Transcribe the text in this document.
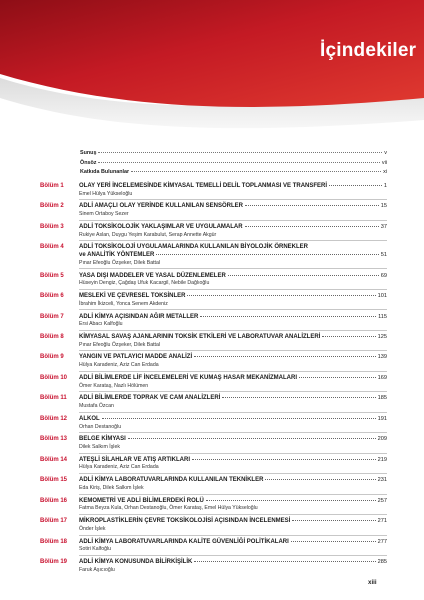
İçindekiler
Sunuş	v
Önsöz	vii
Katkıda Bulunanlar	xi
Bölüm 1	OLAY YERİ İNCELEMESİNDE KİMYASAL TEMELLİ DELİL TOPLANMASI VE TRANSFERİ	1
Emel Hülya Yükseloğlu
Bölüm 2	ADLİ AMAÇLI OLAY YERİNDE KULLANILAN SENSÖRLER	15
Sinem Ortaboy Sezer
Bölüm 3	ADLİ TOKSİKOLOJİK YAKLAŞIMLAR VE UYGULAMALAR	37
Rukiye Aslan, Duygu Yeşim Karabulut, Serap Annette Akgür
Bölüm 4	ADLİ TOKSİKOLOJİ UYGULAMALARINDA KULLANILAN BİYOLOJİK ÖRNEKLER
ve ANALİTİK YÖNTEMLER	51
Pınar Efeoğlu Özşeker, Dilek Battal
Bölüm 5	YASA DIŞI MADDELER VE YASAL DÜZENLEMELER	69
Hüseyin Dengiz, Çağdaş Ufuk Kacargil, Nebile Dağlıoğlu
Bölüm 6	MESLEKİ VE ÇEVRESEL TOKSİNLER	101
İbrahim İkizceli, Yonca Senem Akdeniz
Bölüm 7	ADLİ KİMYA AÇISINDAN AĞIR METALLER	115
Ersi Abacı Kalfoğlu
Bölüm 8	KİMYASAL SAVAŞ AJANLARININ TOKSİK ETKİLERİ VE LABORATUVAR ANALİZLERİ	125
Pınar Efeoğlu Özşeker, Dilek Battal
Bölüm 9	YANGIN VE PATLAYICI MADDE ANALİZİ	139
Hülya Karadeniz, Aziz Can Erdada
Bölüm 10	ADLİ BİLİMLERDE LİF İNCELEMELERİ VE KUMAŞ HASAR MEKANİZMALARI	169
Ömer Karataş, Nazlı Hölümen
Bölüm 11	ADLİ BİLİMLERDE TOPRAK VE CAM ANALİZLERİ	185
Mustafa Özcan
Bölüm 12	ALKOL	191
Orhan Destanoğlu
Bölüm 13	BELGE KİMYASI	209
Dilek Salkım İşlek
Bölüm 14	ATEŞLİ SİLAHLAR VE ATIŞ ARTIKLARI	219
Hülya Karadeniz, Aziz Can Erdada
Bölüm 15	ADLİ KİMYA LABORATUVARLARINDA KULLANILAN TEKNİKLER	231
Eda Kiriş, Dilek Salkım İşlek
Bölüm 16	KEMOMETRİ VE ADLİ BİLİMLERDEKİ ROLÜ	257
Fatma Beyza Kula, Orhan Destanoğlu, Ömer Karataş, Emel Hülya Yükseloğlu
Bölüm 17	MİKROPLASTİKLERİN ÇEVRE TOKSİKOLOJİSİ AÇISINDAN İNCELENMESİ	271
Önder İşlek
Bölüm 18	ADLİ KİMYA LABORATUVARLARINDA KALİTE GÜVENLİĞİ POLİTİKALARI	277
Sotiri Kalfoğlu
Bölüm 19	ADLİ KİMYA KONUSUNDA BİLİRKİŞİLİK	285
Faruk Aşıcıoğlu
xiii
